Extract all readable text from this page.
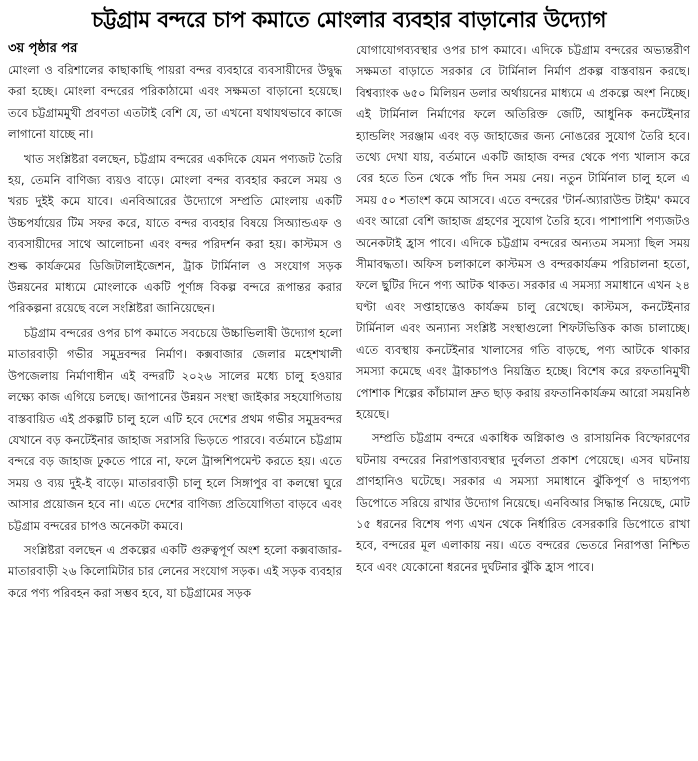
চট্টগ্রাম বন্দরে চাপ কমাতে মোংলার ব্যবহার বাড়ানোর উদ্যোগ
৩য় পৃষ্ঠার পর

মোংলা ও বরিশালের কাছাকাছি পায়রা বন্দর ব্যবহারে ব্যবসায়ীদের উদ্বুদ্ধ করা হচ্ছে। মোংলা বন্দরের পরিকাঠামো এবং সক্ষমতা বাড়ানো হয়েছে। তবে চট্টগ্রামমুখী প্রবণতা এতটাই বেশি যে, তা এখনো যথাযথভাবে কাজে লাগানো যাচ্ছে না।

খাত সংশ্লিষ্টরা বলছেন, চট্টগ্রাম বন্দরের একদিকে যেমন পণ্যজট তৈরি হয়, তেমনি বাণিজ্য ব্যয়ও বাড়ে। মোংলা বন্দর ব্যবহার করলে সময় ও খরচ দুইই কমে যাবে। এনবিআরের উদ্যোগে সম্প্রতি মোংলায় একটি উচ্চপর্যায়ের টিম সফর করে, যাতে বন্দর ব্যবহার বিষয়ে সিঅ্যান্ডএফ ও ব্যবসায়ীদের সাথে আলোচনা এবং বন্দর পরিদর্শন করা হয়। কাস্টমস ও শুল্ক কার্যক্রমের ডিজিটালাইজেশন, ট্রাক টার্মিনাল ও সংযোগ সড়ক উন্নয়নের মাধ্যমে মোংলাকে একটি পূর্ণাঙ্গ বিকল্প বন্দরে রূপান্তর করার পরিকল্পনা রয়েছে বলে সংশ্লিষ্টরা জানিয়েছেন।

চট্টগ্রাম বন্দরের ওপর চাপ কমাতে সবচেয়ে উচ্চাভিলাষী উদ্যোগ হলো মাতারবাড়ী গভীর সমুদ্রবন্দর নির্মাণ। কক্সবাজার জেলার মহেশখালী উপজেলায় নির্মাণাধীন এই বন্দরটি ২০২৬ সালের মধ্যে চালু হওয়ার লক্ষ্যে কাজ এগিয়ে চলছে। জাপানের উন্নয়ন সংস্থা জাইকার সহযোগিতায় বাস্তবায়িত এই প্রকল্পটি চালু হলে এটি হবে দেশের প্রথম গভীর সমুদ্রবন্দর যেখানে বড় কনটেইনার জাহাজ সরাসরি ভিড়তে পারবে। বর্তমানে চট্টগ্রাম বন্দরে বড় জাহাজ ঢুকতে পারে না, ফলে ট্রান্সশিপমেন্ট করতে হয়। এতে সময় ও ব্যয় দুই-ই বাড়ে। মাতারবাড়ী চালু হলে সিঙ্গাপুর বা কলম্বো ঘুরে আসার প্রয়োজন হবে না। এতে দেশের বাণিজ্য প্রতিযোগিতা বাড়বে এবং চট্টগ্রাম বন্দরের চাপও অনেকটা কমবে।

সংশ্লিষ্টরা বলছেন এ প্রকল্পের একটি গুরুত্বপূর্ণ অংশ হলো কক্সবাজার-মাতারবাড়ী ২৬ কিলোমিটার চার লেনের সংযোগ সড়ক। এই সড়ক ব্যবহার করে পণ্য পরিবহন করা সম্ভব হবে, যা চট্টগ্রামের সড়ক

যোগাযোগব্যবস্থার ওপর চাপ কমাবে। এদিকে চট্টগ্রাম বন্দরের অভ্যন্তরীণ সক্ষমতা বাড়াতে সরকার বে টার্মিনাল নির্মাণ প্রকল্প বাস্তবায়ন করছে। বিশ্বব্যাংক ৬৫০ মিলিয়ন ডলার অর্থায়নের মাধ্যমে এ প্রকল্পে অংশ নিচ্ছে। এই টার্মিনাল নির্মাণের ফলে অতিরিক্ত জেটি, আধুনিক কনটেইনার হ্যান্ডলিং সরঞ্জাম এবং বড় জাহাজের জন্য নোঙরের সুযোগ তৈরি হবে। তথ্যে দেখা যায়, বর্তমানে একটি জাহাজ বন্দর থেকে পণ্য খালাস করে বের হতে তিন থেকে পাঁচ দিন সময় নেয়। নতুন টার্মিনাল চালু হলে এ সময় ৫০ শতাংশ কমে আসবে। এতে বন্দরের 'টার্ন-অ্যারাউন্ড টাইম' কমবে এবং আরো বেশি জাহাজ গ্রহণের সুযোগ তৈরি হবে। পাশাপাশি পণ্যজটও অনেকটাই হ্রাস পাবে। এদিকে চট্টগ্রাম বন্দরের অন্যতম সমস্যা ছিল সময় সীমাবদ্ধতা। অফিস চলাকালে কাস্টমস ও বন্দরকার্যক্রম পরিচালনা হতো, ফলে ছুটির দিনে পণ্য আটক থাকত। সরকার এ সমস্যা সমাধানে এখন ২৪ ঘণ্টা এবং সপ্তাহান্তেও কার্যক্রম চালু রেখেছে। কাস্টমস, কনটেইনার টার্মিনাল এবং অন্যান্য সংশ্লিষ্ট সংস্থাগুলো শিফটভিত্তিক কাজ চালাচ্ছে। এতে ব্যবস্থায় কনটেইনার খালাসের গতি বাড়ছে, পণ্য আটকে থাকার সমস্যা কমেছে এবং ট্রাকচাপও নিয়ন্ত্রিত হচ্ছে। বিশেষ করে রফতানিমুখী পোশাক শিল্পের কাঁচামাল দ্রুত ছাড় করায় রফতানিকার্যক্রম আরো সময়নিষ্ঠ হয়েছে।

সম্প্রতি চট্টগ্রাম বন্দরে একাধিক অগ্নিকাণ্ড ও রাসায়নিক বিস্ফোরণের ঘটনায় বন্দরের নিরাপত্তাব্যবস্থার দুর্বলতা প্রকাশ পেয়েছে। এসব ঘটনায় প্রাণহানিও ঘটেছে। সরকার এ সমস্যা সমাধানে ঝুঁকিপূর্ণ ও দাহ্যপণ্য ডিপোতে সরিয়ে রাখার উদ্যোগ নিয়েছে। এনবিআর সিদ্ধান্ত নিয়েছে, মোট ১৫ ধরনের বিশেষ পণ্য এখন থেকে নির্ধারিত বেসরকারি ডিপোতে রাখা হবে, বন্দরের মূল এলাকায় নয়। এতে বন্দরের ভেতরে নিরাপত্তা নিশ্চিত হবে এবং যেকোনো ধরনের দুর্ঘটনার ঝুঁকি হ্রাস পাবে।
